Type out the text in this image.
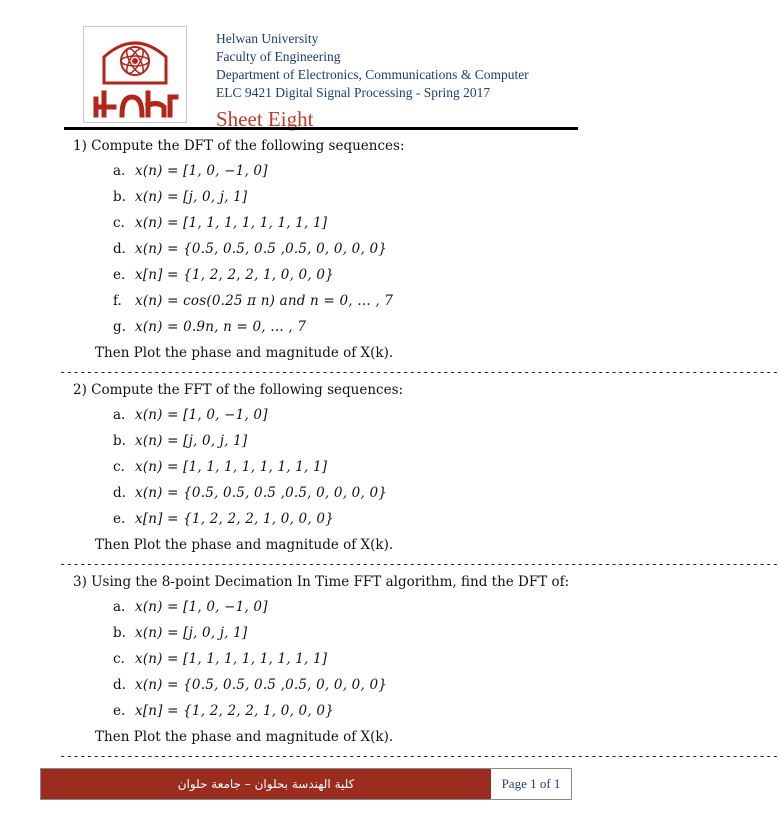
Helwan University
Faculty of Engineering
Department of Electronics, Communications & Computer
ELC 9421 Digital Signal Processing - Spring 2017
Sheet Eight
1) Compute the DFT of the following sequences:
a. x(n) = [1, 0, −1, 0]
b. x(n) = [j, 0, j, 1]
c. x(n) = [1, 1, 1, 1, 1, 1, 1, 1]
d. x(n) = {0.5, 0.5, 0.5 ,0.5, 0, 0, 0, 0}
e. x[n] = {1, 2, 2, 2, 1, 0, 0, 0}
f. x(n) = cos(0.25 π n) and n = 0, … , 7
g. x(n) = 0.9n, n = 0, … , 7
Then Plot the phase and magnitude of X(k).
-----------------------------------------------------------------------------------------------------------
2) Compute the FFT of the following sequences:
a. x(n) = [1, 0, −1, 0]
b. x(n) = [j, 0, j, 1]
c. x(n) = [1, 1, 1, 1, 1, 1, 1, 1]
d. x(n) = {0.5, 0.5, 0.5 ,0.5, 0, 0, 0, 0}
e. x[n] = {1, 2, 2, 2, 1, 0, 0, 0}
Then Plot the phase and magnitude of X(k).
-----------------------------------------------------------------------------------------------------------
3) Using the 8-point Decimation In Time FFT algorithm, find the DFT of:
a. x(n) = [1, 0, −1, 0]
b. x(n) = [j, 0, j, 1]
c. x(n) = [1, 1, 1, 1, 1, 1, 1, 1]
d. x(n) = {0.5, 0.5, 0.5 ,0.5, 0, 0, 0, 0}
e. x[n] = {1, 2, 2, 2, 1, 0, 0, 0}
Then Plot the phase and magnitude of X(k).
-----------------------------------------------------------------------------------------------------------
كلية الهندسة بحلوان – جامعة حلوان	Page 1 of 1
